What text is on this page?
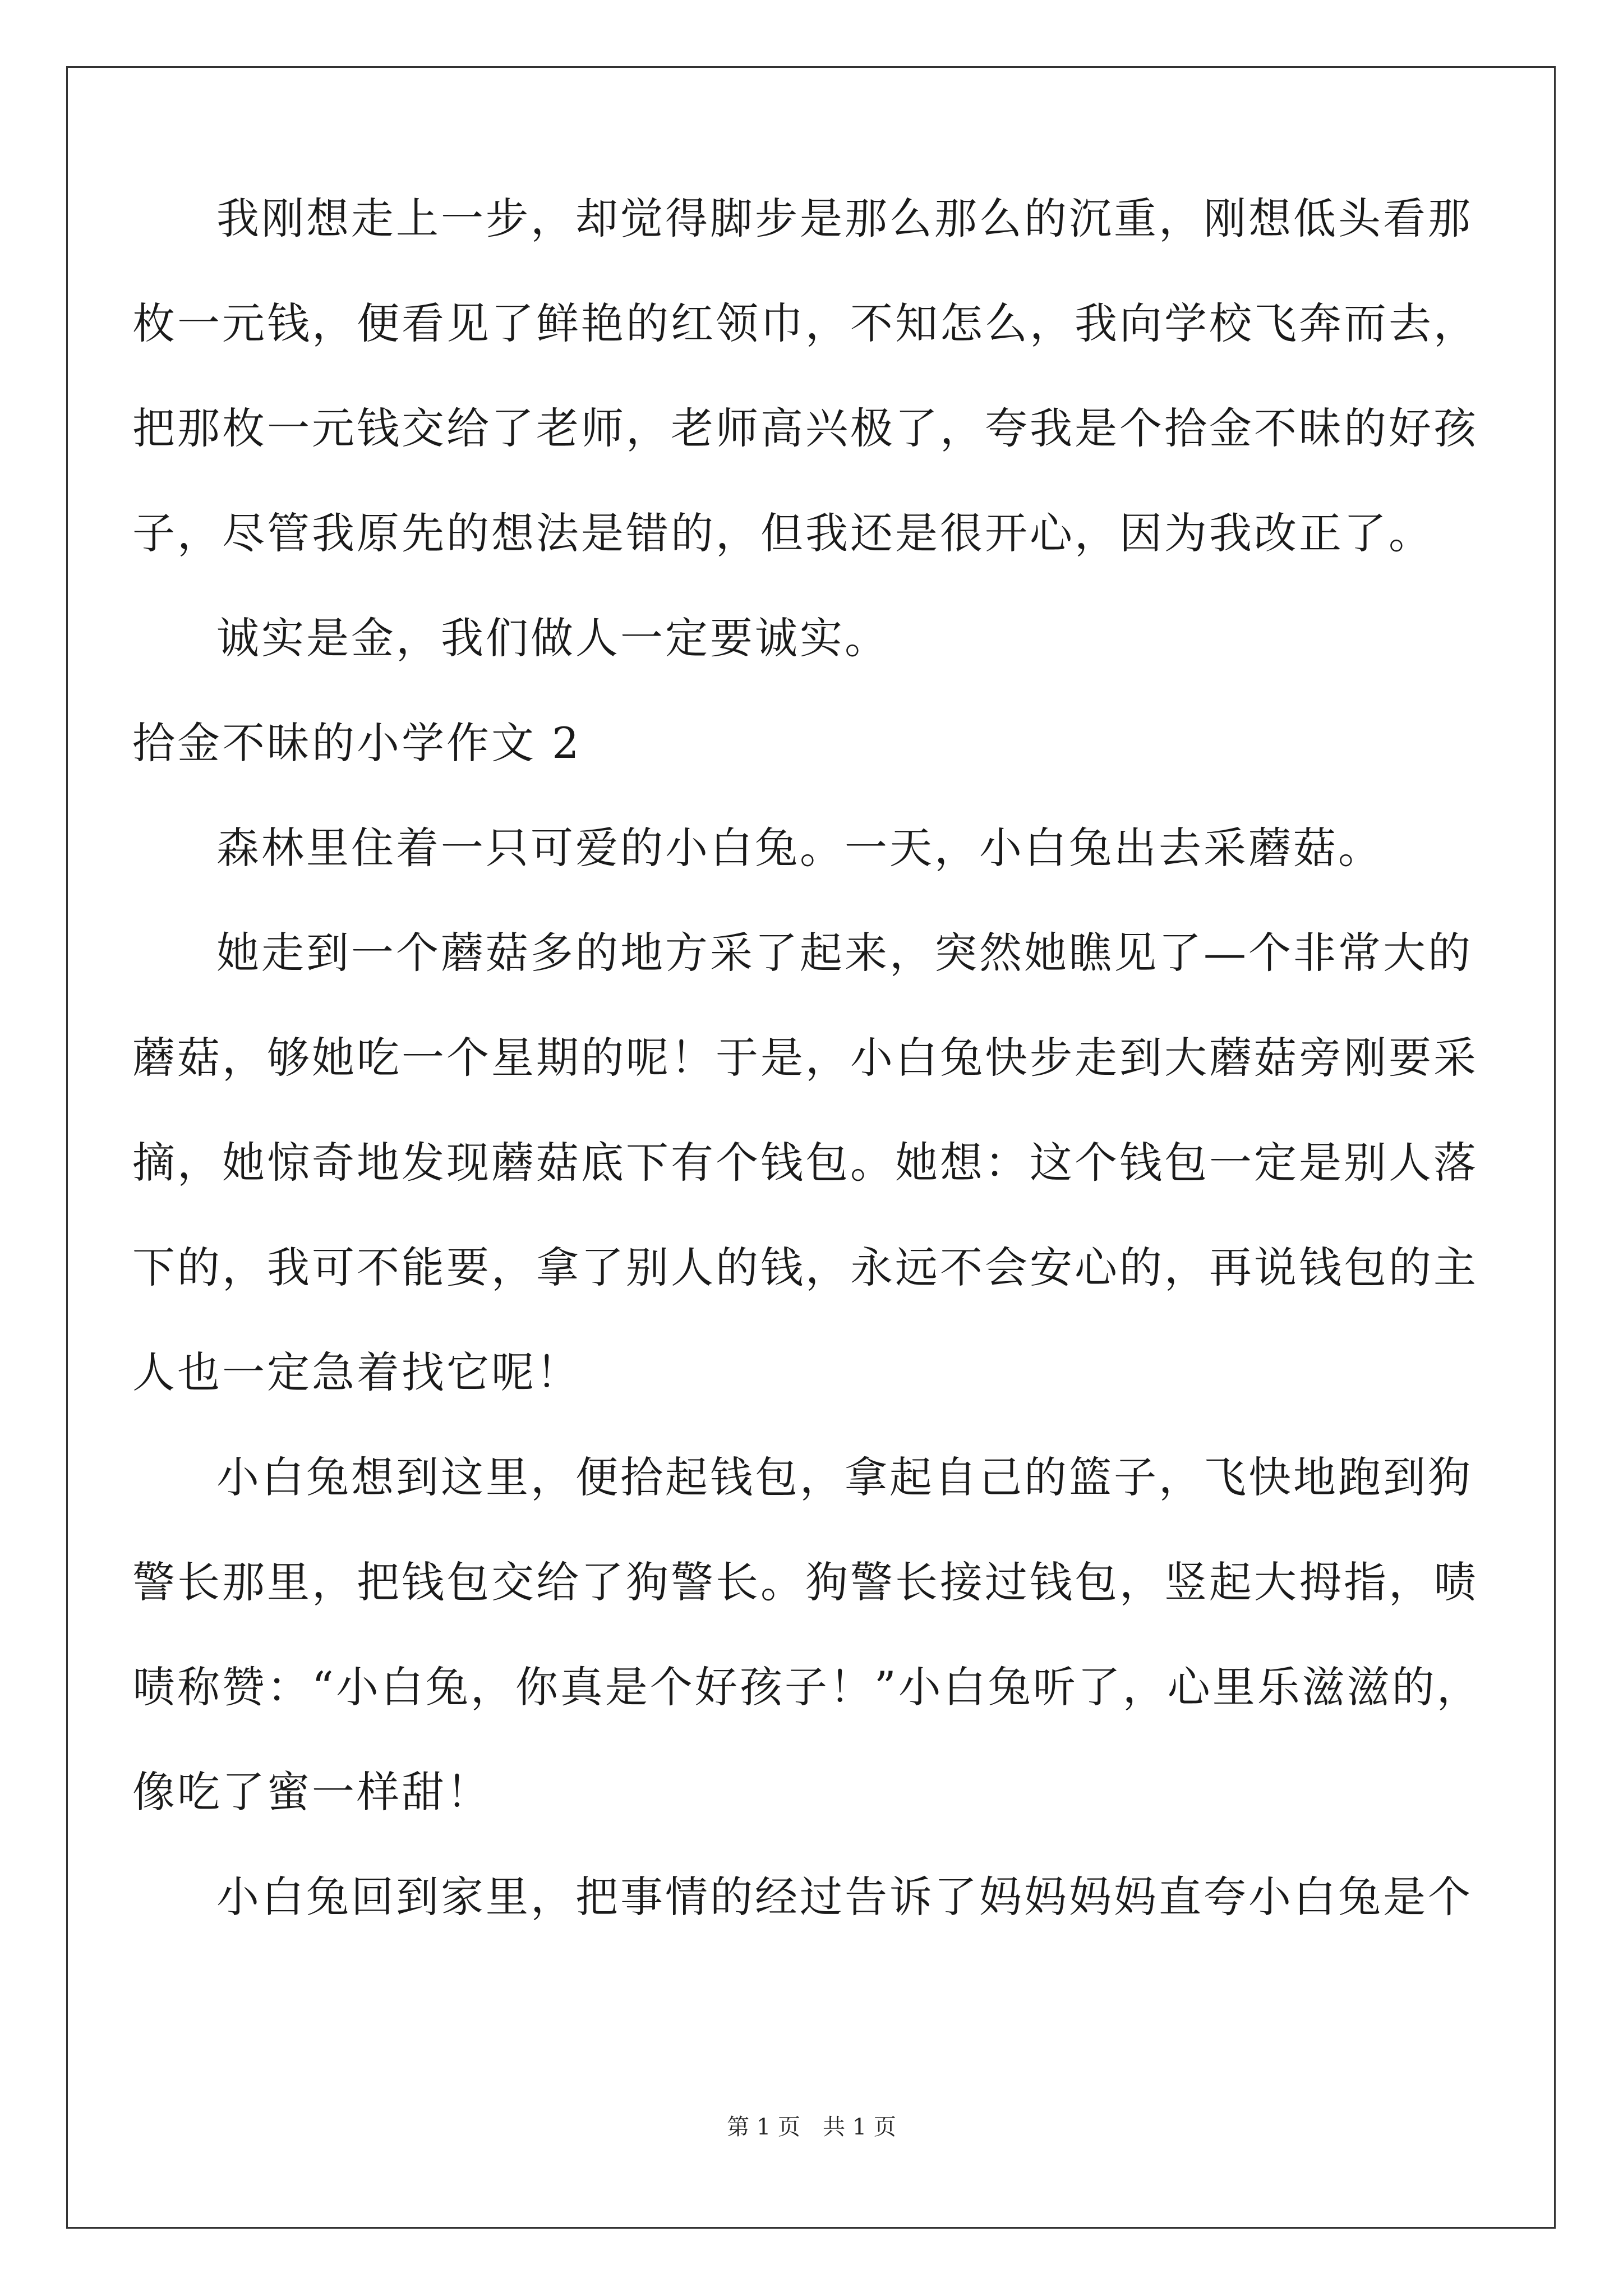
我刚想走上一步，却觉得脚步是那么那么的沉重，刚想低头看那
枚一元钱，便看见了鲜艳的红领巾，不知怎么，我向学校飞奔而去，
把那枚一元钱交给了老师，老师高兴极了，夸我是个拾金不昧的好孩
子，尽管我原先的想法是错的，但我还是很开心，因为我改正了。
诚实是金，我们做人一定要诚实。
拾金不昧的小学作文 2
森林里住着一只可爱的小白兔。一天，小白兔出去采蘑菇。
她走到一个蘑菇多的地方采了起来，突然她瞧见了—个非常大的
蘑菇，够她吃一个星期的呢！于是，小白兔快步走到大蘑菇旁刚要采
摘，她惊奇地发现蘑菇底下有个钱包。她想：这个钱包一定是别人落
下的，我可不能要，拿了别人的钱，永远不会安心的，再说钱包的主
人也一定急着找它呢！
小白兔想到这里，便拾起钱包，拿起自己的篮子，飞快地跑到狗
警长那里，把钱包交给了狗警长。狗警长接过钱包，竖起大拇指，啧
啧称赞：“小白兔，你真是个好孩子！”小白兔听了，心里乐滋滋的，
像吃了蜜一样甜！
小白兔回到家里，把事情的经过告诉了妈妈妈妈直夸小白兔是个
第 1 页　共 1 页
